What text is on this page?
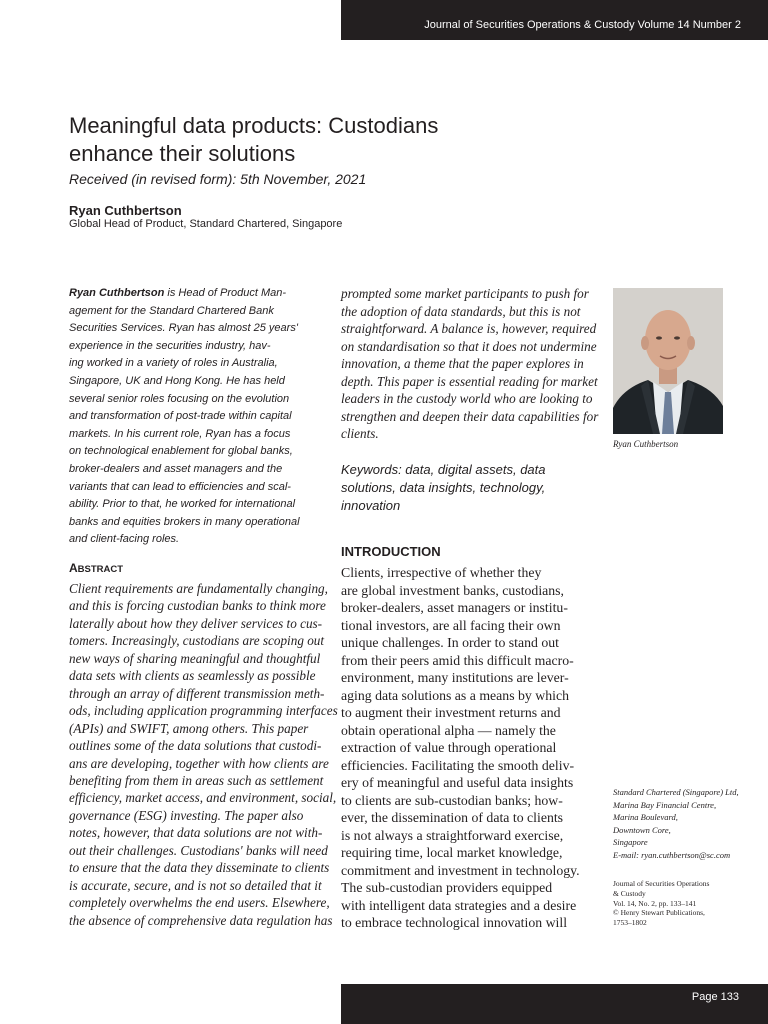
Journal of Securities Operations & Custody Volume 14 Number 2
Meaningful data products: Custodians
enhance their solutions
Received (in revised form): 5th November, 2021
Ryan Cuthbertson
Global Head of Product, Standard Chartered, Singapore
Ryan Cuthbertson is Head of Product Man-
agement for the Standard Chartered Bank
Securities Services. Ryan has almost 25 years'
experience in the securities industry, hav-
ing worked in a variety of roles in Australia,
Singapore, UK and Hong Kong. He has held
several senior roles focusing on the evolution
and transformation of post-trade within capital
markets. In his current role, Ryan has a focus
on technological enablement for global banks,
broker-dealers and asset managers and the
variants that can lead to efficiencies and scal-
ability. Prior to that, he worked for international
banks and equities brokers in many operational
and client-facing roles.
ABSTRACT
Client requirements are fundamentally changing,
and this is forcing custodian banks to think more
laterally about how they deliver services to cus-
tomers. Increasingly, custodians are scoping out
new ways of sharing meaningful and thoughtful
data sets with clients as seamlessly as possible
through an array of different transmission meth-
ods, including application programming interfaces
(APIs) and SWIFT, among others. This paper
outlines some of the data solutions that custodi-
ans are developing, together with how clients are
benefiting from them in areas such as settlement
efficiency, market access, and environment, social,
governance (ESG) investing. The paper also
notes, however, that data solutions are not with-
out their challenges. Custodians' banks will need
to ensure that the data they disseminate to clients
is accurate, secure, and is not so detailed that it
completely overwhelms the end users. Elsewhere,
the absence of comprehensive data regulation has
prompted some market participants to push for
the adoption of data standards, but this is not
straightforward. A balance is, however, required
on standardisation so that it does not undermine
innovation, a theme that the paper explores in
depth. This paper is essential reading for market
leaders in the custody world who are looking to
strengthen and deepen their data capabilities for
clients.
Keywords: data, digital assets, data
solutions, data insights, technology,
innovation
INTRODUCTION
Clients, irrespective of whether they
are global investment banks, custodians,
broker-dealers, asset managers or institu-
tional investors, are all facing their own
unique challenges. In order to stand out
from their peers amid this difficult macro-
environment, many institutions are lever-
aging data solutions as a means by which
to augment their investment returns and
obtain operational alpha — namely the
extraction of value through operational
efficiencies. Facilitating the smooth deliv-
ery of meaningful and useful data insights
to clients are sub-custodian banks; how-
ever, the dissemination of data to clients
is not always a straightforward exercise,
requiring time, local market knowledge,
commitment and investment in technology.
The sub-custodian providers equipped
with intelligent data strategies and a desire
to embrace technological innovation will
Ryan Cuthbertson
Standard Chartered (Singapore) Ltd,
Marina Bay Financial Centre,
Marina Boulevard,
Downtown Core,
Singapore
E-mail: ryan.cuthbertson@sc.com
Journal of Securities Operations
& Custody
Vol. 14, No. 2, pp. 133–141
© Henry Stewart Publications,
1753–1802
Page 133
